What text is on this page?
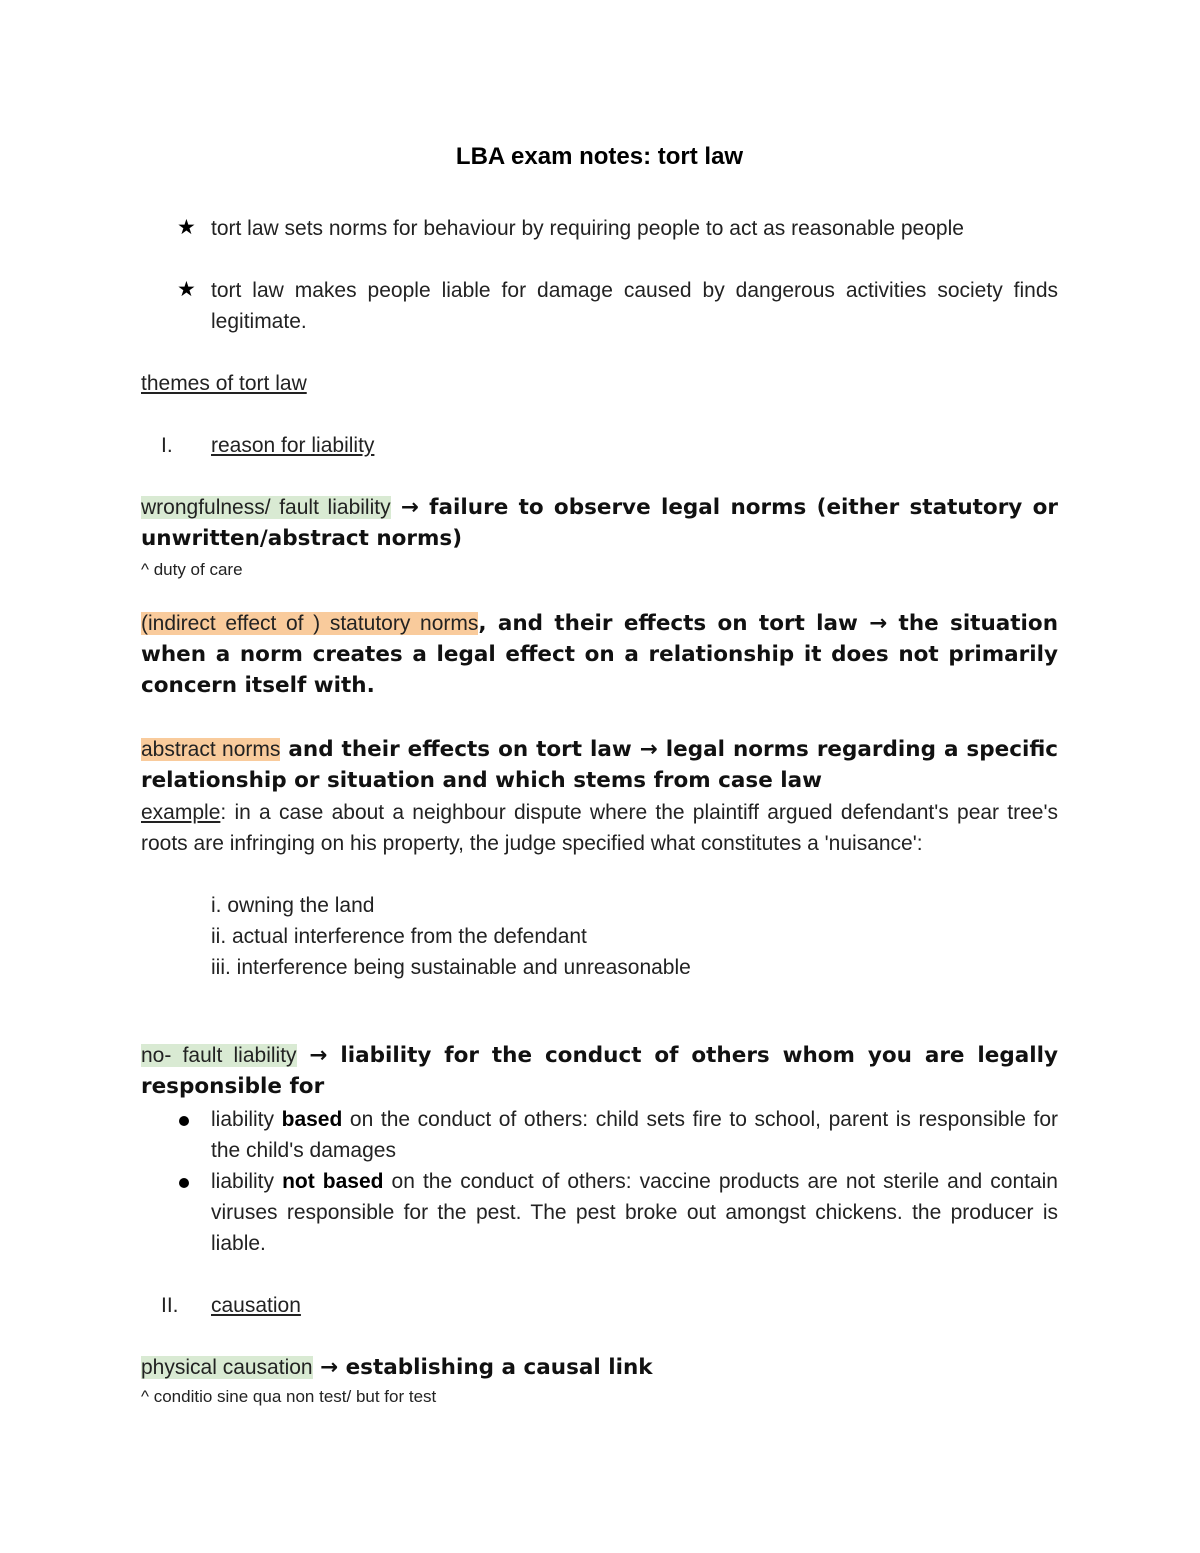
LBA exam notes: tort law
★ tort law sets norms for behaviour by requiring people to act as reasonable people
★ tort law makes people liable for damage caused by dangerous activities society finds legitimate.
themes of tort law
I. reason for liability
wrongfulness/ fault liability → failure to observe legal norms (either statutory or unwritten/abstract norms)
^ duty of care
(indirect effect of ) statutory norms, and their effects on tort law → the situation when a norm creates a legal effect on a relationship it does not primarily concern itself with.
abstract norms and their effects on tort law → legal norms regarding a specific relationship or situation and which stems from case law
example: in a case about a neighbour dispute where the plaintiff argued defendant's pear tree's roots are infringing on his property, the judge specified what constitutes a 'nuisance':
i. owning the land
ii. actual interference from the defendant
iii. interference being sustainable and unreasonable
no- fault liability → liability for the conduct of others whom you are legally responsible for
liability based on the conduct of others: child sets fire to school, parent is responsible for the child's damages
liability not based on the conduct of others: vaccine products are not sterile and contain viruses responsible for the pest. The pest broke out amongst chickens. the producer is liable.
II. causation
physical causation → establishing a causal link
^ conditio sine qua non test/ but for test
